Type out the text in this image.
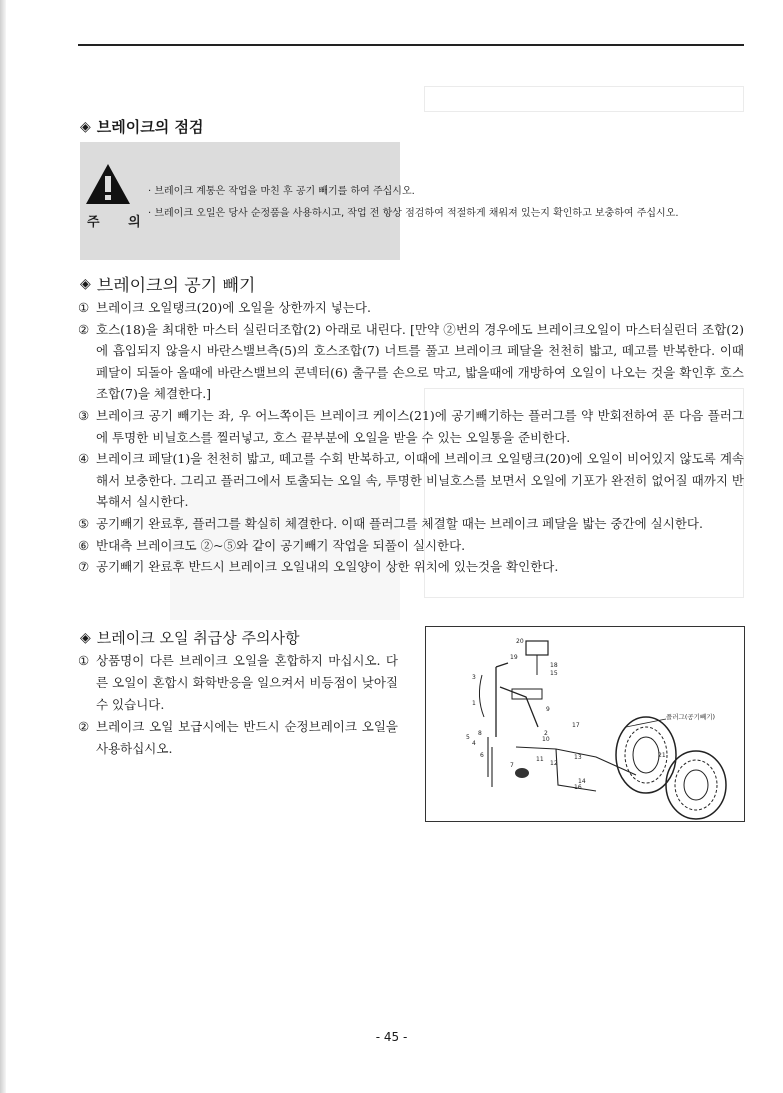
◈ 브레이크의 점검
주 의
· 브레이크 계통은 작업을 마친 후 공기 빼기를 하여 주십시오.
· 브레이크 오일은 당사 순정품을 사용하시고, 작업 전 항상 점검하여 적절하게 채워져 있는지 확인하고 보충하여 주십시오.
◈ 브레이크의 공기 빼기
① 브레이크 오일탱크(20)에 오일을 상한까지 넣는다.
② 호스(18)을 최대한 마스터 실린더조합(2) 아래로 내린다. [만약 ②번의 경우에도 브레이크오일이 마스터실린더 조합(2)에 흡입되지 않을시 바란스밸브측(5)의 호스조합(7) 너트를 풀고 브레이크 페달을 천천히 밟고, 떼고를 반복한다. 이때 페달이 되돌아 올때에 바란스밸브의 콘넥터(6) 출구를 손으로 막고, 밟을때에 개방하여 오일이 나오는 것을 확인후 호스조합(7)을 체결한다.]
③ 브레이크 공기 빼기는 좌, 우 어느쪽이든 브레이크 케이스(21)에 공기빼기하는 플러그를 약 반회전하여 푼 다음 플러그에 투명한 비닐호스를 찔러넣고, 호스 끝부분에 오일을 받을 수 있는 오일통을 준비한다.
④ 브레이크 페달(1)을 천천히 밟고, 떼고를 수회 반복하고, 이때에 브레이크 오일탱크(20)에 오일이 비어있지 않도록 계속해서 보충한다. 그리고 플러그에서 토출되는 오일 속, 투명한 비닐호스를 보면서 오일에 기포가 완전히 없어질 때까지 반복해서 실시한다.
⑤ 공기빼기 완료후, 플러그를 확실히 체결한다. 이때 플러그를 체결할 때는 브레이크 페달을 밟는 중간에 실시한다.
⑥ 반대측 브레이크도 ②~⑤와 같이 공기빼기 작업을 되풀이 실시한다.
⑦ 공기빼기 완료후 반드시 브레이크 오일내의 오일양이 상한 위치에 있는것을 확인한다.
◈ 브레이크 오일 취급상 주의사항
① 상품명이 다른 브레이크 오일을 혼합하지 마십시오. 다른 오일이 혼합시 화학반응을 일으켜서 비등점이 낮아질 수 있습니다.
② 브레이크 오일 보급시에는 반드시 순정브레이크 오일을 사용하십시오.
20
19
18
15
3
1
9
8
4
6
5
2
7
10
11
12
13
14
16
17
21
플러그(공기빼기)
- 45 -
